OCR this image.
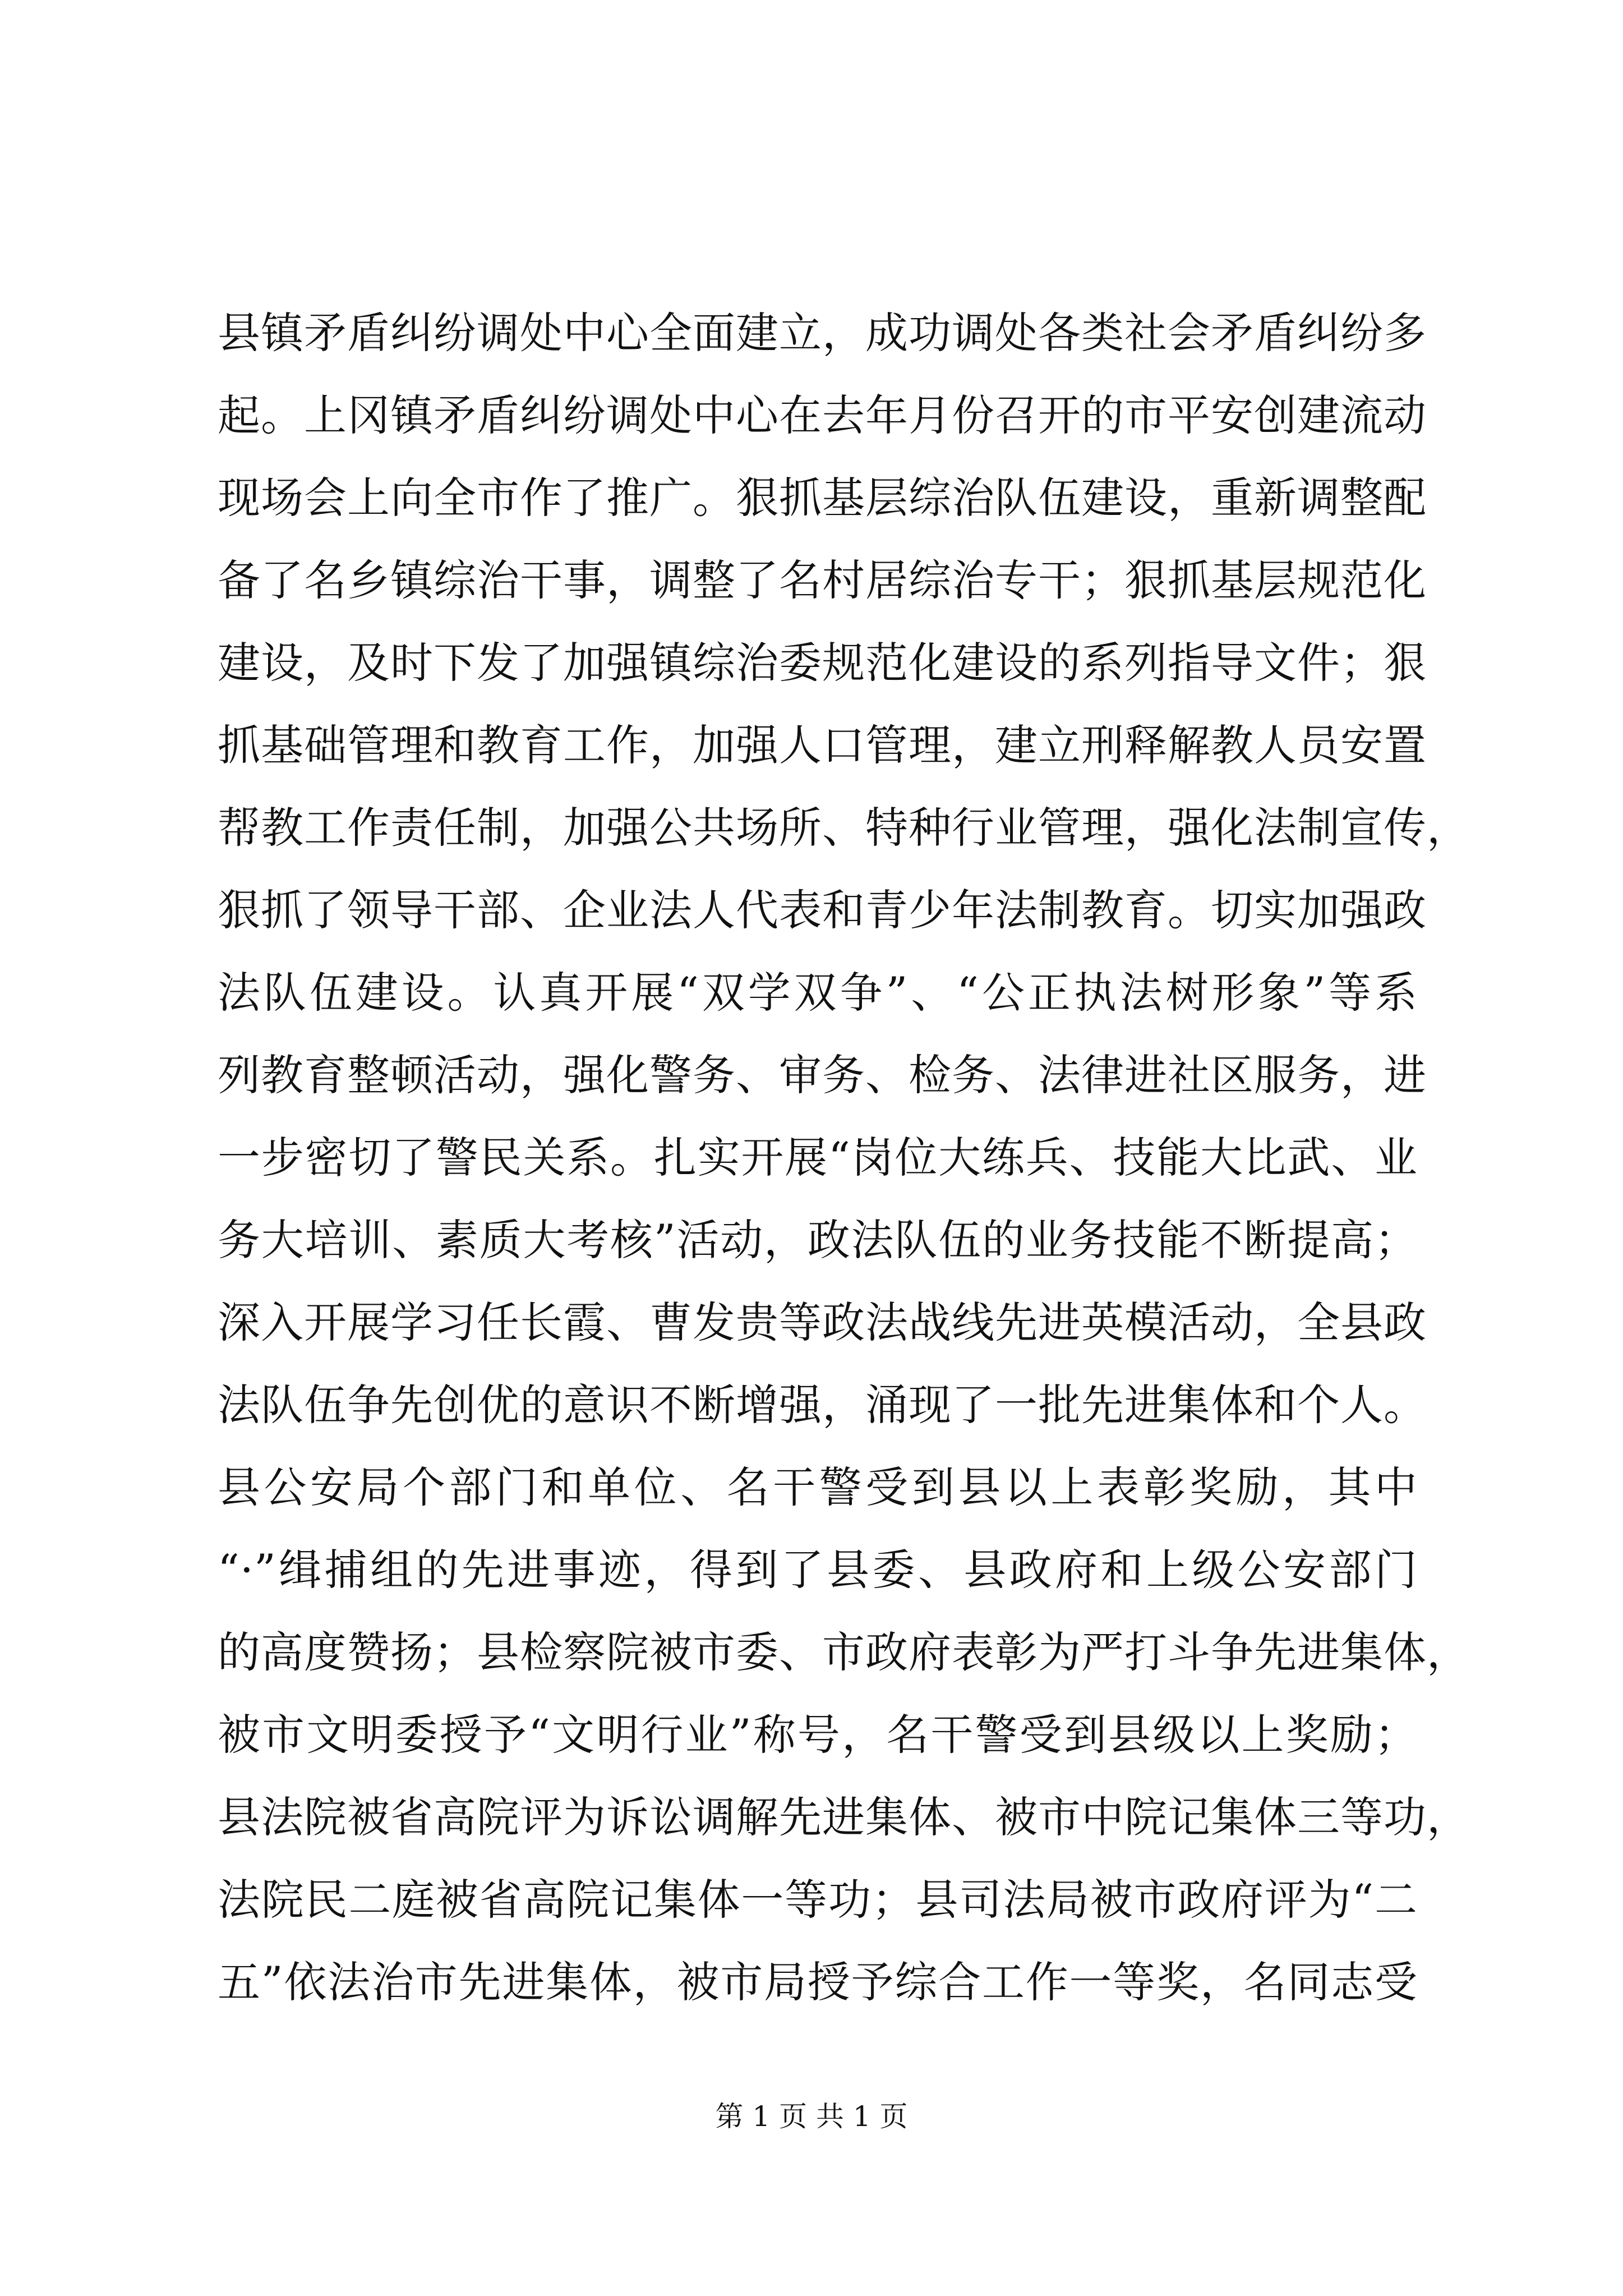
县镇矛盾纠纷调处中心全面建立，成功调处各类社会矛盾纠纷多
起。上冈镇矛盾纠纷调处中心在去年月份召开的市平安创建流动
现场会上向全市作了推广。狠抓基层综治队伍建设，重新调整配
备了名乡镇综治干事，调整了名村居综治专干；狠抓基层规范化
建设，及时下发了加强镇综治委规范化建设的系列指导文件；狠
抓基础管理和教育工作，加强人口管理，建立刑释解教人员安置
帮教工作责任制，加强公共场所、特种行业管理，强化法制宣传，
狠抓了领导干部、企业法人代表和青少年法制教育。切实加强政
法队伍建设。认真开展“双学双争”、“公正执法树形象”等系
列教育整顿活动，强化警务、审务、检务、法律进社区服务，进
一步密切了警民关系。扎实开展“岗位大练兵、技能大比武、业
务大培训、素质大考核”活动，政法队伍的业务技能不断提高；
深入开展学习任长霞、曹发贵等政法战线先进英模活动，全县政
法队伍争先创优的意识不断增强，涌现了一批先进集体和个人。
县公安局个部门和单位、名干警受到县以上表彰奖励，其中
“·”缉捕组的先进事迹，得到了县委、县政府和上级公安部门
的高度赞扬；县检察院被市委、市政府表彰为严打斗争先进集体，
被市文明委授予“文明行业”称号，名干警受到县级以上奖励；
县法院被省高院评为诉讼调解先进集体、被市中院记集体三等功，
法院民二庭被省高院记集体一等功；县司法局被市政府评为“二
五”依法治市先进集体，被市局授予综合工作一等奖，名同志受
第 1 页 共 1 页
